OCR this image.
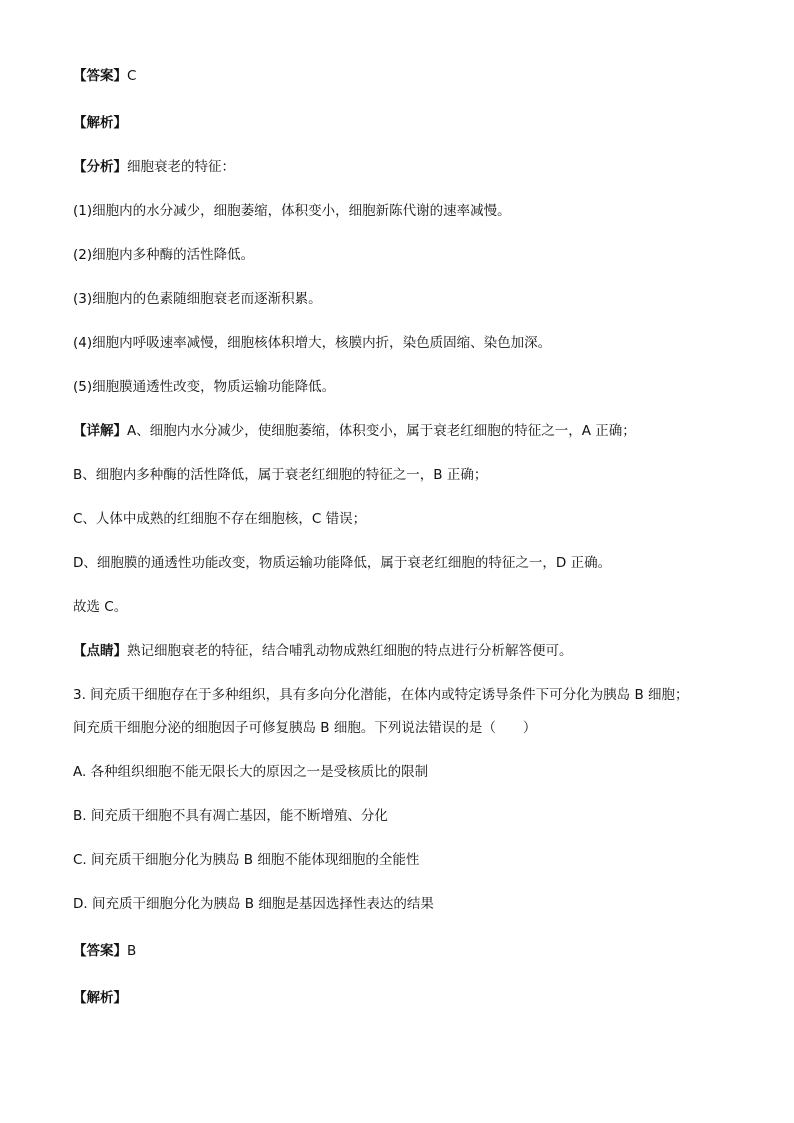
【答案】C
【解析】
【分析】细胞衰老的特征：
(1)细胞内的水分减少，细胞萎缩，体积变小，细胞新陈代谢的速率减慢。
(2)细胞内多种酶的活性降低。
(3)细胞内的色素随细胞衰老而逐渐积累。
(4)细胞内呼吸速率减慢，细胞核体积增大，核膜内折，染色质固缩、染色加深。
(5)细胞膜通透性改变，物质运输功能降低。
【详解】A、细胞内水分减少，使细胞萎缩，体积变小，属于衰老红细胞的特征之一，A 正确；
B、细胞内多种酶的活性降低，属于衰老红细胞的特征之一，B 正确；
C、人体中成熟的红细胞不存在细胞核，C 错误；
D、细胞膜的通透性功能改变，物质运输功能降低，属于衰老红细胞的特征之一，D 正确。
故选 C。
【点睛】熟记细胞衰老的特征，结合哺乳动物成熟红细胞的特点进行分析解答便可。
3. 间充质干细胞存在于多种组织，具有多向分化潜能，在体内或特定诱导条件下可分化为胰岛 B 细胞；
间充质干细胞分泌的细胞因子可修复胰岛 B 细胞。下列说法错误的是（　　）
A. 各种组织细胞不能无限长大的原因之一是受核质比的限制
B. 间充质干细胞不具有凋亡基因，能不断增殖、分化
C. 间充质干细胞分化为胰岛 B 细胞不能体现细胞的全能性
D. 间充质干细胞分化为胰岛 B 细胞是基因选择性表达的结果
【答案】B
【解析】
